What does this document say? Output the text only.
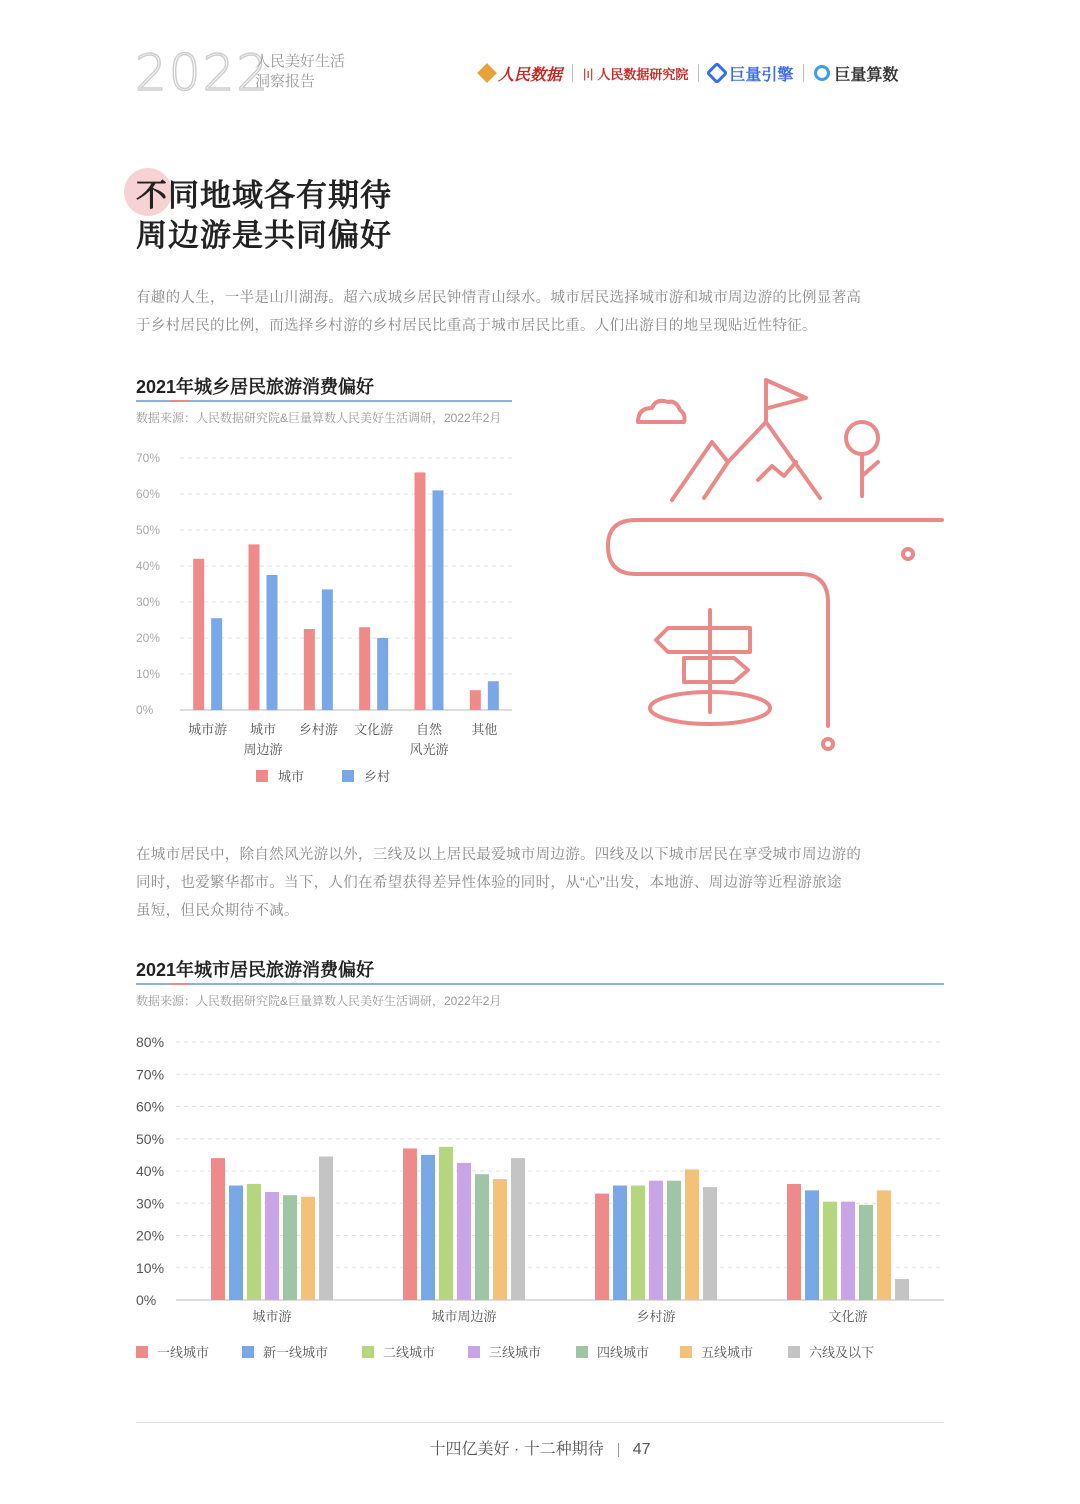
2022
人民美好生活
洞察报告	人民数据 |ı| 人民数据研究院	巨量引擎	巨量算数
不同地域各有期待
周边游是共同偏好
有趣的人生，一半是山川湖海。超六成城乡居民钟情青山绿水。城市居民选择城市游和城市周边游的比例显著高
于乡村居民的比例，而选择乡村游的乡村居民比重高于城市居民比重。人们出游目的地呈现贴近性特征。
2021年城乡居民旅游消费偏好
数据来源：人民数据研究院&巨量算数人民美好生活调研，2022年2月
0%
10%
20%
30%
40%
50%
60%
70%
城市游 城市
周边游
乡村游 文化游 自然
风光游
其他
城市	乡村
在城市居民中，除自然风光游以外，三线及以上居民最爱城市周边游。四线及以下城市居民在享受城市周边游的
同时，也爱繁华都市。当下，人们在希望获得差异性体验的同时，从“心”出发，本地游、周边游等近程游旅途
虽短，但民众期待不减。
2021年城市居民旅游消费偏好
数据来源：人民数据研究院&巨量算数人民美好生活调研，2022年2月
0%
10%
20%
30%
40%
50%
60%
70%
80%
城市游	城市周边游	乡村游	文化游
一线城市	新一线城市	二线城市	三线城市	四线城市	五线城市	六线及以下
十四亿美好 · 十二种期待 47
